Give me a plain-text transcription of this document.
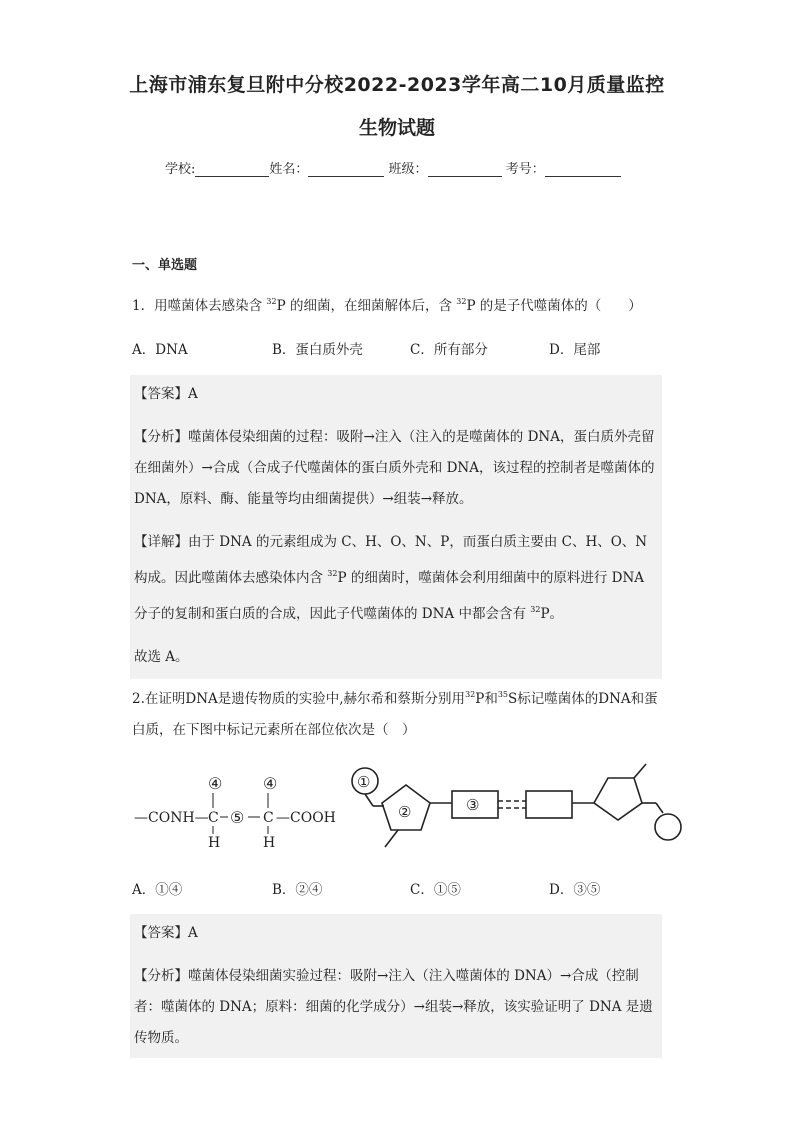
上海市浦东复旦附中分校2022-2023学年高二10月质量监控
生物试题
学校:	姓名：	班级：	考号：
一、单选题
1．用噬菌体去感染含 $^{32}$P 的细菌，在细菌解体后，含 $^{32}$P 的是子代噬菌体的（　　）
A．DNA	B．蛋白质外壳	C．所有部分	D．尾部

【答案】A

【分析】噬菌体侵染细菌的过程：吸附→注入（注入的是噬菌体的 DNA，蛋白质外壳留在细菌外）→合成（合成子代噬菌体的蛋白质外壳和 DNA，该过程的控制者是噬菌体的 DNA，原料、酶、能量等均由细菌提供）→组装→释放。

【详解】由于 DNA 的元素组成为 C、H、O、N、P，而蛋白质主要由 C、H、O、N 构成。因此噬菌体去感染体内含 $^{32}$P 的细菌时，噬菌体会利用细菌中的原料进行 DNA 分子的复制和蛋白质的合成，因此子代噬菌体的 DNA 中都会含有 $^{32}$P。

故选 A。

2.在证明DNA是遗传物质的实验中,赫尔希和蔡斯分别用$^{32}$P和$^{35}$S标记噬菌体的DNA和蛋白质，在下图中标记元素所在部位依次是（　）
—CONH—
④
C
H
⑤
④
C
H
—COOH
①
②	③
A．①④	B．②④	C．①⑤	D．③⑤

【答案】A

【分析】噬菌体侵染细菌实验过程：吸附→注入（注入噬菌体的 DNA）→合成（控制者：噬菌体的 DNA；原料：细菌的化学成分）→组装→释放，该实验证明了 DNA 是遗传物质。
